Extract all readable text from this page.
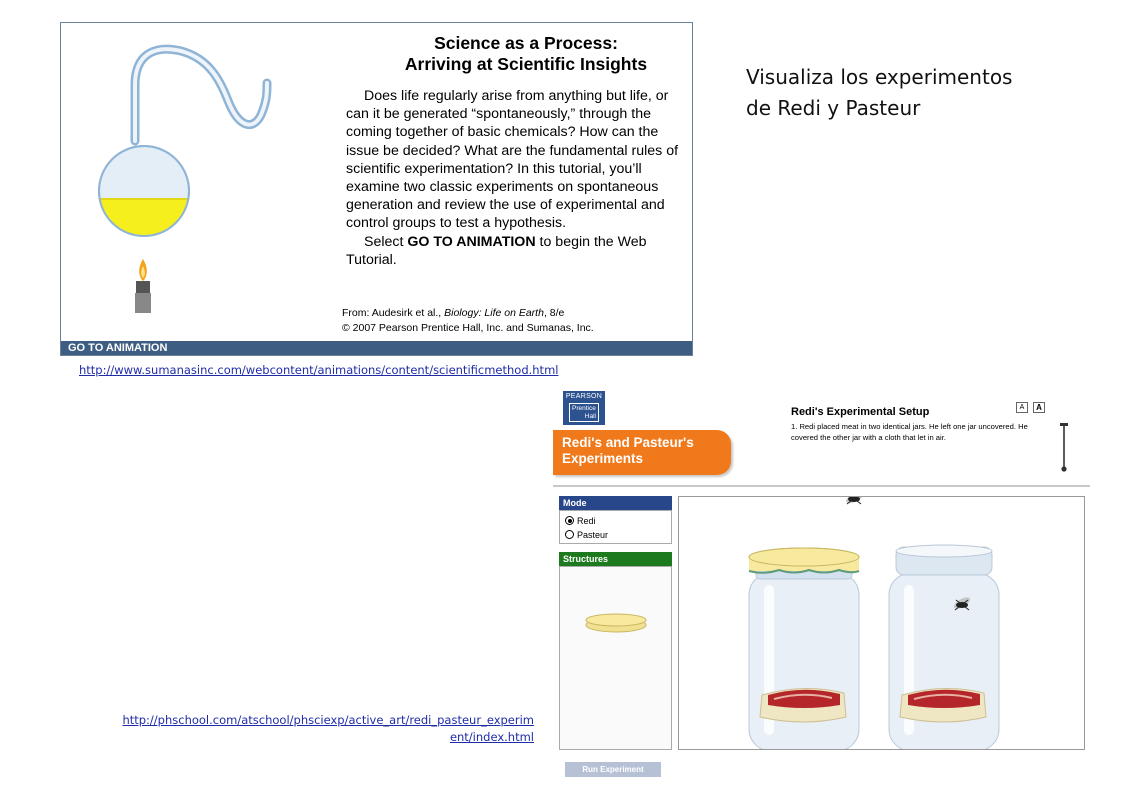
Science as a Process:
Arriving at Scientific Insights

Does life regularly arise from anything but life, or can it be generated “spontaneously,” through the coming together of basic chemicals? How can the issue be decided? What are the fundamental rules of scientific experimentation? In this tutorial, you’ll examine two classic experiments on spontaneous generation and review the use of experimental and control groups to test a hypothesis.

Select GO TO ANIMATION to begin the Web Tutorial.

From: Audesirk et al., Biology: Life on Earth, 8/e
© 2007 Pearson Prentice Hall, Inc. and Sumanas, Inc.
GO TO ANIMATION
http://www.sumanasinc.com/webcontent/animations/content/scientificmethod.html
Visualiza los experimentos
de Redi y Pasteur
http://phschool.com/atschool/phsciexp/active_art/redi_pasteur_experim
ent/index.html
PEARSON
Prentice
Hall
Redi's and Pasteur's
Experiments
Redi's Experimental Setup
1. Redi placed meat in two identical jars. He left one jar uncovered. He covered the other jar with a cloth that let in air.
A	A
Mode
Redi
Pasteur
Structures
Run Experiment
